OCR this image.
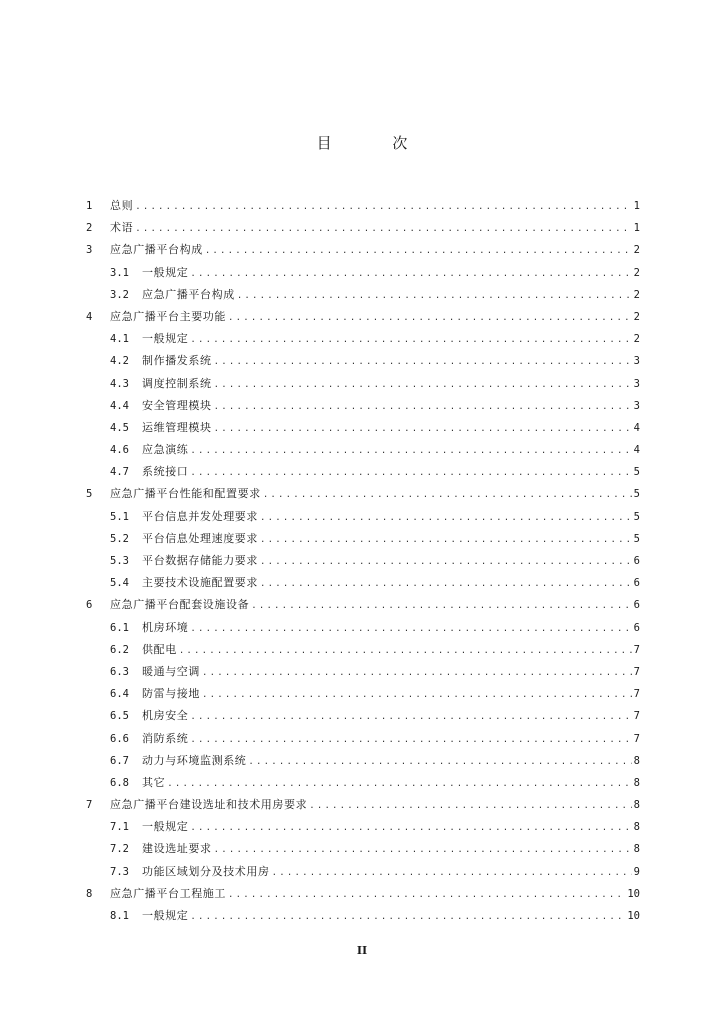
目 次
1	总则 .....	1
2	术语 .....	1
3	应急广播平台构成 .....	2
3.1	一般规定 .....	2
3.2	应急广播平台构成 .....	2
4	应急广播平台主要功能 .....	2
4.1	一般规定 .....	2
4.2	制作播发系统 .....	3
4.3	调度控制系统 .....	3
4.4	安全管理模块 .....	3
4.5	运维管理模块 .....	4
4.6	应急演练 .....	4
4.7	系统接口 .....	5
5	应急广播平台性能和配置要求 .....	5
5.1	平台信息并发处理要求 .....	5
5.2	平台信息处理速度要求 .....	5
5.3	平台数据存储能力要求 .....	6
5.4	主要技术设施配置要求 .....	6
6	应急广播平台配套设施设备 .....	6
6.1	机房环境 .....	6
6.2	供配电 .....	7
6.3	暖通与空调 .....	7
6.4	防雷与接地 .....	7
6.5	机房安全 .....	7
6.6	消防系统 .....	7
6.7	动力与环境监测系统 .....	8
6.8	其它 .....	8
7	应急广播平台建设选址和技术用房要求 .....	8
7.1	一般规定 .....	8
7.2	建设选址要求 .....	8
7.3	功能区域划分及技术用房 .....	9
8	应急广播平台工程施工 .....	10
8.1	一般规定 .....	10
II
